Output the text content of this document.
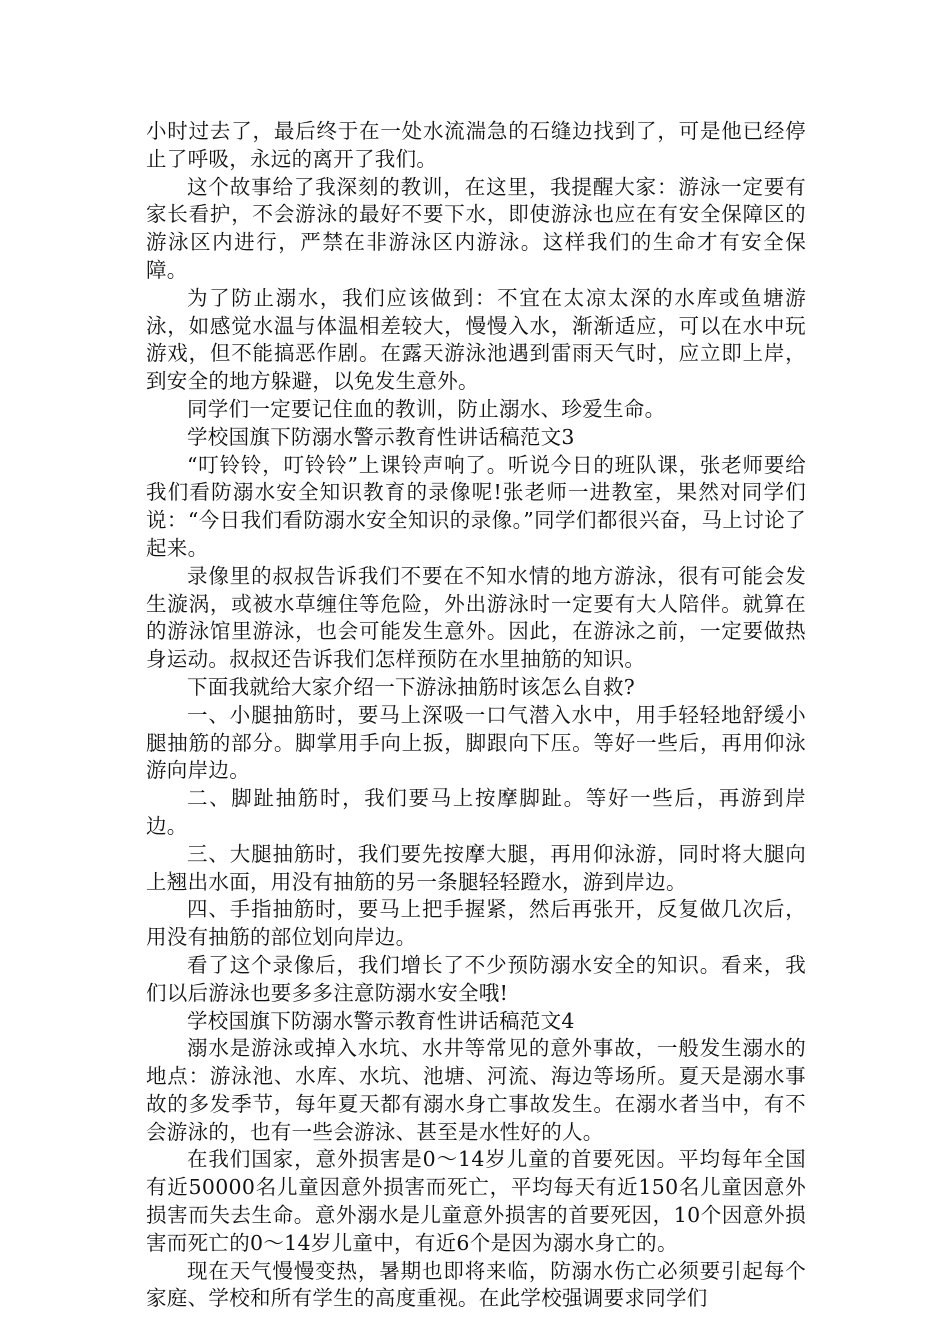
小时过去了，最后终于在一处水流湍急的石缝边找到了，可是他已经停止了呼吸，永远的离开了我们。

这个故事给了我深刻的教训，在这里，我提醒大家：游泳一定要有家长看护，不会游泳的最好不要下水，即使游泳也应在有安全保障区的游泳区内进行，严禁在非游泳区内游泳。这样我们的生命才有安全保障。

为了防止溺水，我们应该做到：不宜在太凉太深的水库或鱼塘游泳，如感觉水温与体温相差较大，慢慢入水，渐渐适应，可以在水中玩游戏，但不能搞恶作剧。在露天游泳池遇到雷雨天气时，应立即上岸，到安全的地方躲避，以免发生意外。

同学们一定要记住血的教训，防止溺水、珍爱生命。

学校国旗下防溺水警示教育性讲话稿范文3

“叮铃铃，叮铃铃”上课铃声响了。听说今日的班队课，张老师要给我们看防溺水安全知识教育的录像呢!张老师一进教室，果然对同学们说：“今日我们看防溺水安全知识的录像。”同学们都很兴奋，马上讨论了起来。

录像里的叔叔告诉我们不要在不知水情的地方游泳，很有可能会发生漩涡，或被水草缠住等危险，外出游泳时一定要有大人陪伴。就算在的游泳馆里游泳，也会可能发生意外。因此，在游泳之前，一定要做热身运动。叔叔还告诉我们怎样预防在水里抽筋的知识。

下面我就给大家介绍一下游泳抽筋时该怎么自救?

一、小腿抽筋时，要马上深吸一口气潜入水中，用手轻轻地舒缓小腿抽筋的部分。脚掌用手向上扳，脚跟向下压。等好一些后，再用仰泳游向岸边。

二、脚趾抽筋时，我们要马上按摩脚趾。等好一些后，再游到岸边。

三、大腿抽筋时，我们要先按摩大腿，再用仰泳游，同时将大腿向上翘出水面，用没有抽筋的另一条腿轻轻蹬水，游到岸边。

四、手指抽筋时，要马上把手握紧，然后再张开，反复做几次后，用没有抽筋的部位划向岸边。

看了这个录像后，我们增长了不少预防溺水安全的知识。看来，我们以后游泳也要多多注意防溺水安全哦!

学校国旗下防溺水警示教育性讲话稿范文4

溺水是游泳或掉入水坑、水井等常见的意外事故，一般发生溺水的地点：游泳池、水库、水坑、池塘、河流、海边等场所。夏天是溺水事故的多发季节，每年夏天都有溺水身亡事故发生。在溺水者当中，有不会游泳的，也有一些会游泳、甚至是水性好的人。

在我们国家，意外损害是0～14岁儿童的首要死因。平均每年全国有近50000名儿童因意外损害而死亡，平均每天有近150名儿童因意外损害而失去生命。意外溺水是儿童意外损害的首要死因，10个因意外损害而死亡的0～14岁儿童中，有近6个是因为溺水身亡的。

现在天气慢慢变热，暑期也即将来临，防溺水伤亡必须要引起每个家庭、学校和所有学生的高度重视。在此学校强调要求同学们
